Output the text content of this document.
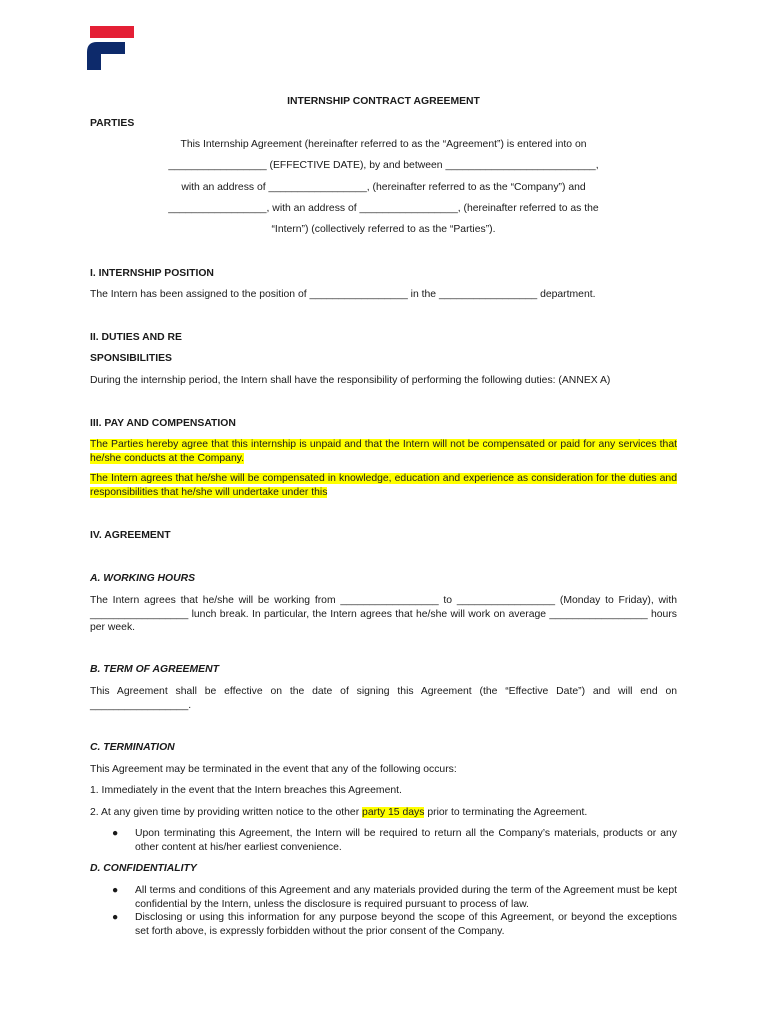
INTERNSHIP CONTRACT AGREEMENT
PARTIES
This Internship Agreement (hereinafter referred to as the “Agreement”) is entered into on
_________________ (EFFECTIVE DATE), by and between __________________________,
with an address of _________________, (hereinafter referred to as the “Company”) and
_________________, with an address of _________________, (hereinafter referred to as the
“Intern”) (collectively referred to as the “Parties”).
I. INTERNSHIP POSITION
The Intern has been assigned to the position of _________________ in the _________________ department.
II. DUTIES AND RE
SPONSIBILITIES
During the internship period, the Intern shall have the responsibility of performing the following duties: (ANNEX A)
III. PAY AND COMPENSATION
The Parties hereby agree that this internship is unpaid and that the Intern will not be compensated or paid for any services that he/she conducts at the Company.
The Intern agrees that he/she will be compensated in knowledge, education and experience as consideration for the duties and responsibilities that he/she will undertake under this
IV. AGREEMENT
A. WORKING HOURS
The Intern agrees that he/she will be working from _________________ to _________________ (Monday to Friday), with _________________ lunch break. In particular, the Intern agrees that he/she will work on average _________________ hours per week.
B. TERM OF AGREEMENT
This Agreement shall be effective on the date of signing this Agreement (the “Effective Date”) and will end on _________________.
C. TERMINATION
This Agreement may be terminated in the event that any of the following occurs:
1. Immediately in the event that the Intern breaches this Agreement.
2. At any given time by providing written notice to the other party 15 days prior to terminating the Agreement.
● Upon terminating this Agreement, the Intern will be required to return all the Company’s materials, products or any other content at his/her earliest convenience.
D. CONFIDENTIALITY
● All terms and conditions of this Agreement and any materials provided during the term of the Agreement must be kept confidential by the Intern, unless the disclosure is required pursuant to process of law.
● Disclosing or using this information for any purpose beyond the scope of this Agreement, or beyond the exceptions set forth above, is expressly forbidden without the prior consent of the Company.
